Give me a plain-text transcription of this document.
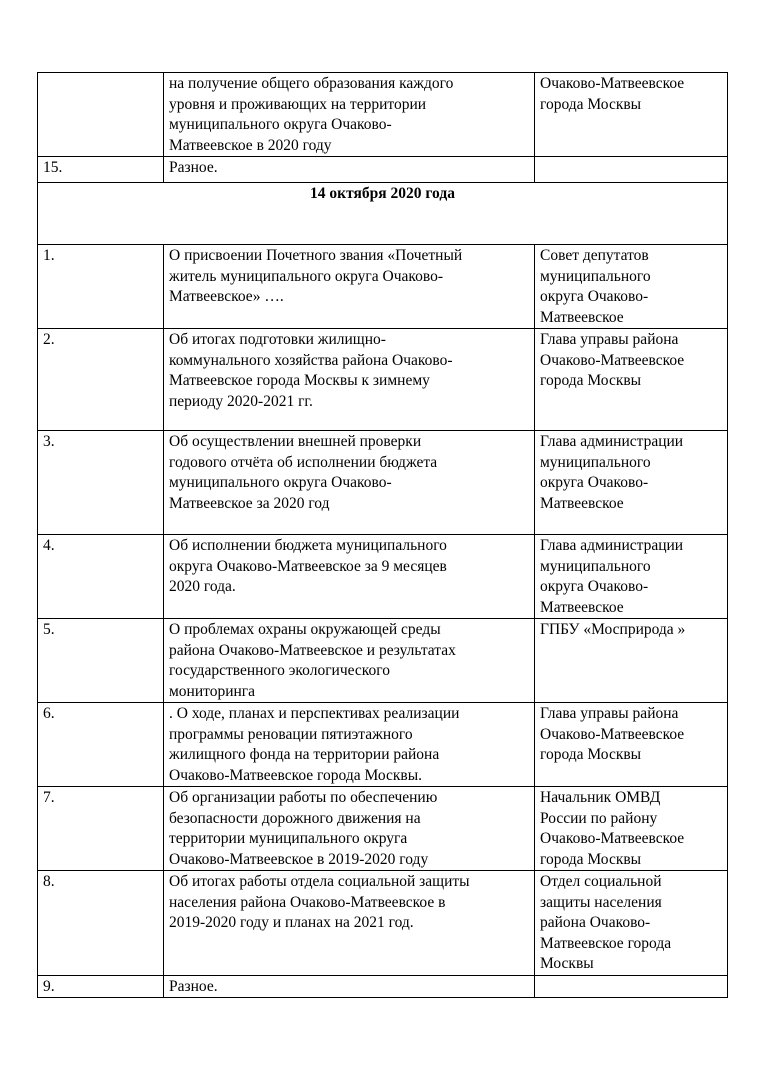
	на получение общего образования каждого
уровня и проживающих на территории
муниципального округа Очаково-
Матвеевское в 2020 году	Очаково-Матвеевское
города Москвы
15.	Разное.	
14 октября 2020 года		
1.	О присвоении Почетного звания «Почетный
житель муниципального округа Очаково-
Матвеевское» ….	Совет депутатов
муниципального
округа Очаково-
Матвеевское
2.	Об итогах подготовки жилищно-
коммунального хозяйства района Очаково-
Матвеевское города Москвы к зимнему
периоду 2020-2021 гг.	Глава управы района
Очаково-Матвеевское
города Москвы
3.	Об осуществлении внешней проверки
годового отчёта об исполнении бюджета
муниципального округа Очаково-
Матвеевское за 2020 год	Глава администрации
муниципального
округа Очаково-
Матвеевское
4.	Об исполнении бюджета муниципального
округа Очаково-Матвеевское за 9 месяцев
2020 года.	Глава администрации
муниципального
округа Очаково-
Матвеевское
5.	О проблемах охраны окружающей среды
района Очаково-Матвеевское и результатах
государственного экологического
мониторинга	ГПБУ «Мосприрода »
6.	. О ходе, планах и перспективах реализации
программы реновации пятиэтажного
жилищного фонда на территории района
Очаково-Матвеевское города Москвы.	Глава управы района
Очаково-Матвеевское
города Москвы
7.	Об организации работы по обеспечению
безопасности дорожного движения на
территории муниципального округа
Очаково-Матвеевское в 2019-2020 году	Начальник ОМВД
России по району
Очаково-Матвеевское
города Москвы
8.	Об итогах работы отдела социальной защиты
населения района Очаково-Матвеевское в
2019-2020 году и планах на 2021 год.	Отдел социальной
защиты населения
района Очаково-
Матвеевское города
Москвы
9.	Разное.	
